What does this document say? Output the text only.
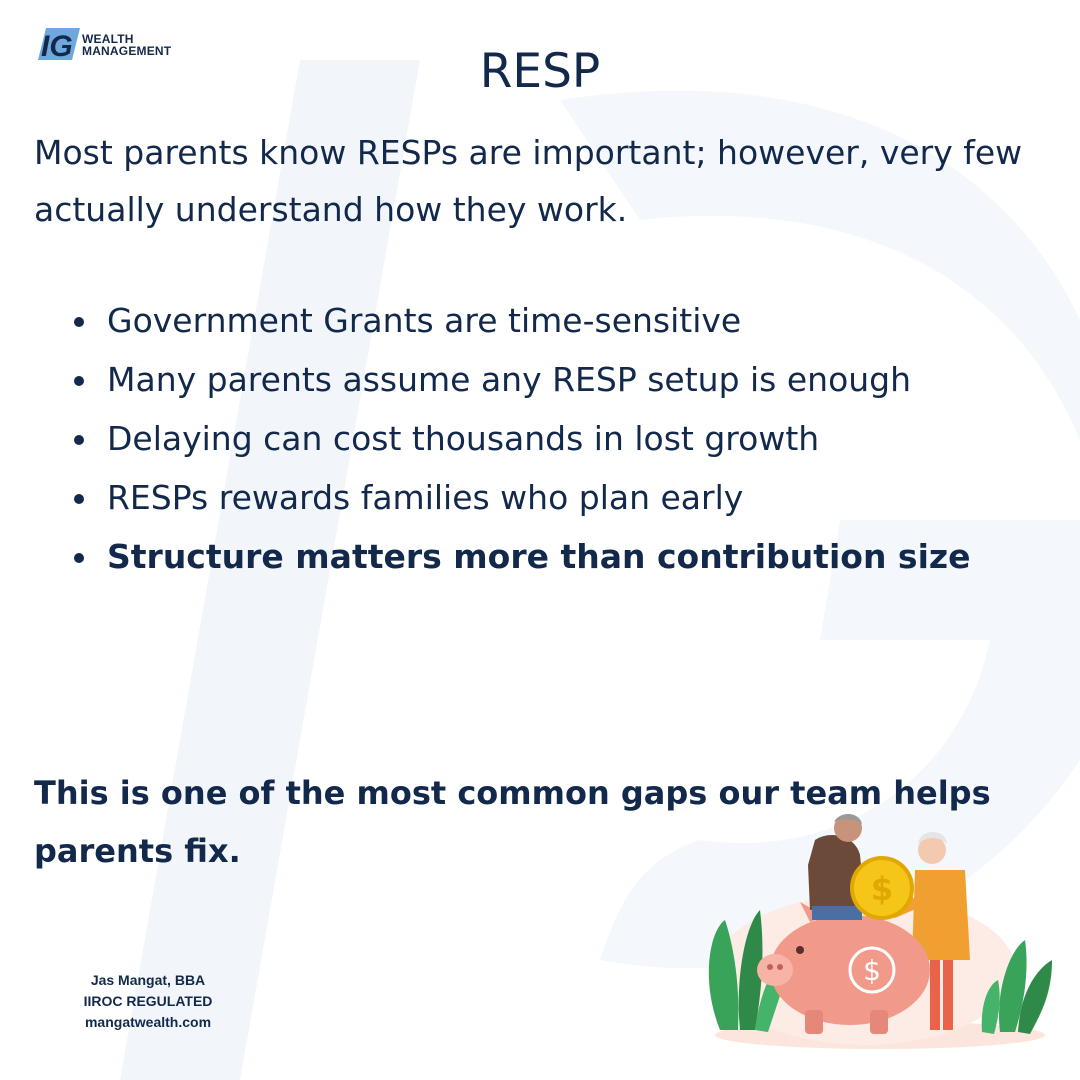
IG WEALTH
MANAGEMENT	RESP
Most parents know RESPs are important; however, very few actually understand how they work.
Government Grants are time-sensitive
Many parents assume any RESP setup is enough
Delaying can cost thousands in lost growth
RESPs rewards families who plan early
Structure matters more than contribution size
This is one of the most common gaps our team helps parents fix.
Jas Mangat, BBA
IIROC REGULATED
mangatwealth.com
$
$
